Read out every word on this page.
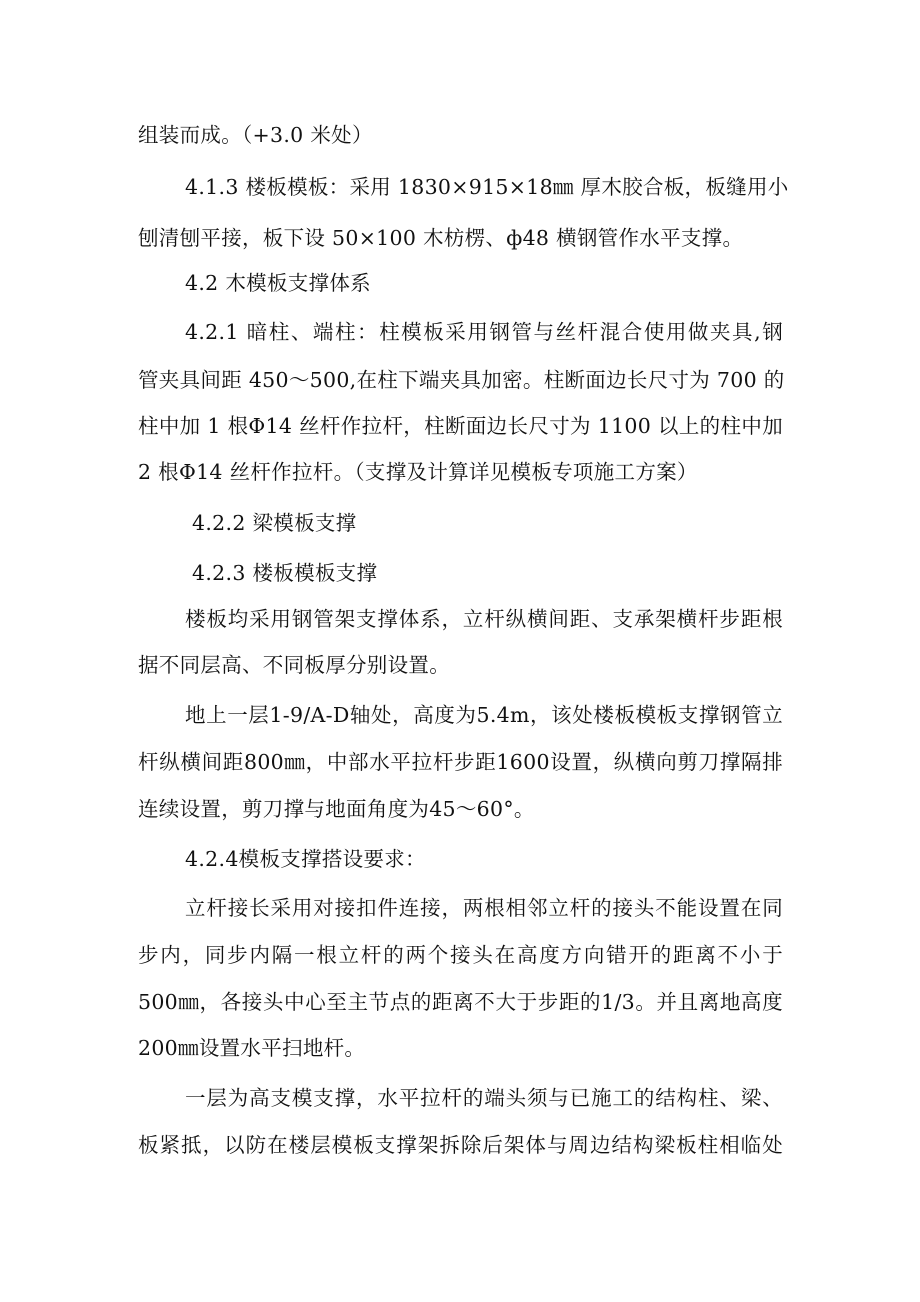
组装而成。（+3.0 米处）
4.1.3 楼板模板：采用 1830×915×18㎜ 厚木胶合板，板缝用小
刨清刨平接，板下设 50×100 木枋楞、ф48 横钢管作水平支撑。
4.2 木模板支撑体系
4.2.1 暗柱、端柱：柱模板采用钢管与丝杆混合使用做夹具,钢
管夹具间距 450～500,在柱下端夹具加密。柱断面边长尺寸为 700 的
柱中加 1 根Φ14 丝杆作拉杆，柱断面边长尺寸为 1100 以上的柱中加
2 根Φ14 丝杆作拉杆。（支撑及计算详见模板专项施工方案）
4.2.2 梁模板支撑
4.2.3 楼板模板支撑
楼板均采用钢管架支撑体系，立杆纵横间距、支承架横杆步距根
据不同层高、不同板厚分别设置。
地上一层1-9/A-D轴处，高度为5.4m，该处楼板模板支撑钢管立
杆纵横间距800㎜，中部水平拉杆步距1600设置，纵横向剪刀撑隔排
连续设置，剪刀撑与地面角度为45～60°。
4.2.4模板支撑搭设要求：
立杆接长采用对接扣件连接，两根相邻立杆的接头不能设置在同
步内，同步内隔一根立杆的两个接头在高度方向错开的距离不小于
500㎜，各接头中心至主节点的距离不大于步距的1/3。并且离地高度
200㎜设置水平扫地杆。
一层为高支模支撑，水平拉杆的端头须与已施工的结构柱、梁、
板紧抵，以防在楼层模板支撑架拆除后架体与周边结构梁板柱相临处
